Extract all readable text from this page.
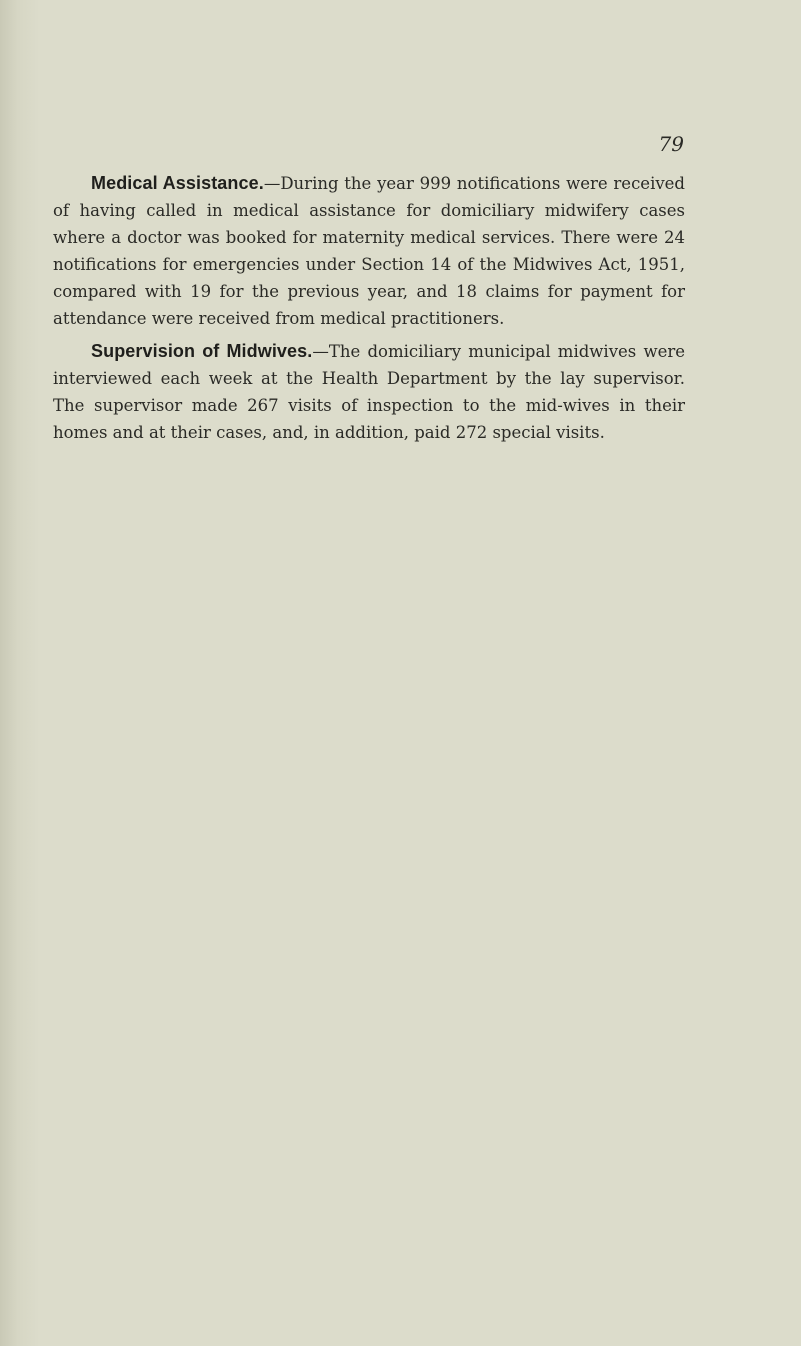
79

Medical Assistance.—During the year 999 notifications were received of having called in medical assistance for domiciliary midwifery cases where a doctor was booked for maternity medical services. There were 24 notifications for emergencies under Section 14 of the Midwives Act, 1951, compared with 19 for the previous year, and 18 claims for payment for attendance were received from medical practitioners.

Supervision of Midwives.—The domiciliary municipal midwives were interviewed each week at the Health Department by the lay supervisor. The supervisor made 267 visits of inspection to the mid-wives in their homes and at their cases, and, in addition, paid 272 special visits.
